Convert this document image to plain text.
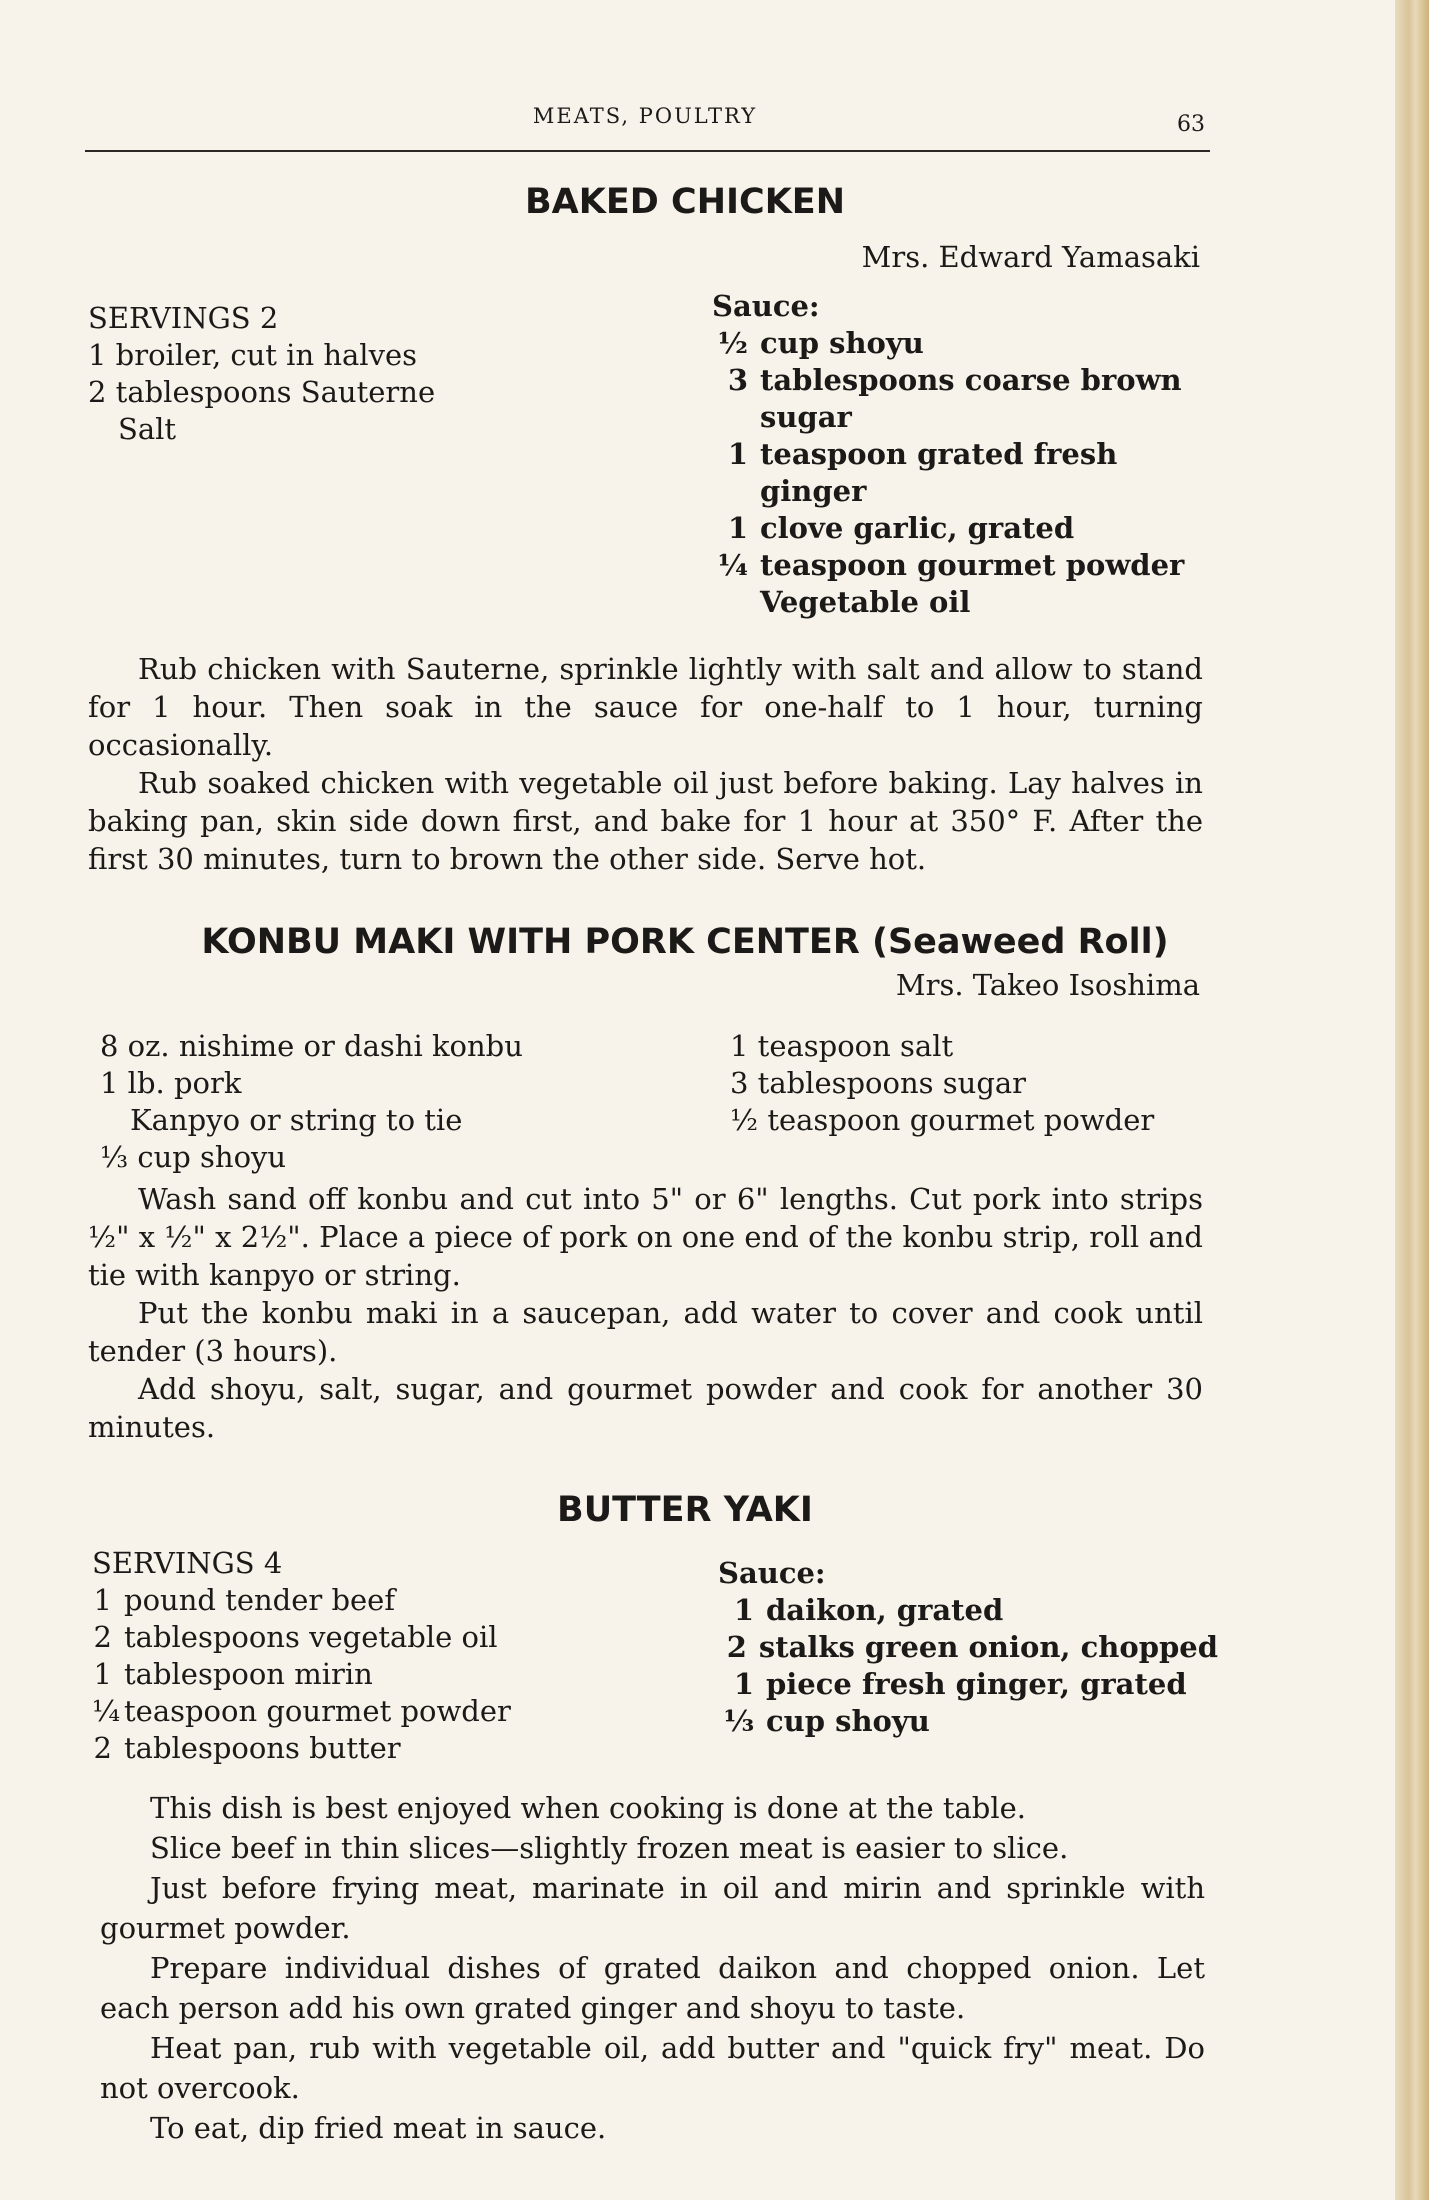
MEATS, POULTRY	63
BAKED CHICKEN
Mrs. Edward Yamasaki
SERVINGS 2
1 broiler, cut in halves
2 tablespoons Sauterne
Salt
Sauce:
½ cup shoyu
3 tablespoons coarse brown sugar
1 teaspoon grated fresh ginger
1 clove garlic, grated
¼ teaspoon gourmet powder
Vegetable oil

Rub chicken with Sauterne, sprinkle lightly with salt and allow to stand for 1 hour. Then soak in the sauce for one-half to 1 hour, turning occasionally.

Rub soaked chicken with vegetable oil just before baking. Lay halves in baking pan, skin side down first, and bake for 1 hour at 350° F. After the first 30 minutes, turn to brown the other side. Serve hot.

KONBU MAKI WITH PORK CENTER (Seaweed Roll)
Mrs. Takeo Isoshima
8 oz. nishime or dashi konbu
1 lb. pork
Kanpyo or string to tie
⅓ cup shoyu
1 teaspoon salt
3 tablespoons sugar
½ teaspoon gourmet powder

Wash sand off konbu and cut into 5" or 6" lengths. Cut pork into strips ½" x ½" x 2½". Place a piece of pork on one end of the konbu strip, roll and tie with kanpyo or string.

Put the konbu maki in a saucepan, add water to cover and cook until tender (3 hours).

Add shoyu, salt, sugar, and gourmet powder and cook for another 30 minutes.

BUTTER YAKI
SERVINGS 4
1 pound tender beef
2 tablespoons vegetable oil
1 tablespoon mirin
¼ teaspoon gourmet powder
2 tablespoons butter
Sauce:
1 daikon, grated
2 stalks green onion, chopped
1 piece fresh ginger, grated
⅓ cup shoyu

This dish is best enjoyed when cooking is done at the table.

Slice beef in thin slices—slightly frozen meat is easier to slice.

Just before frying meat, marinate in oil and mirin and sprinkle with gourmet powder.

Prepare individual dishes of grated daikon and chopped onion. Let each person add his own grated ginger and shoyu to taste.

Heat pan, rub with vegetable oil, add butter and "quick fry" meat. Do not overcook.

To eat, dip fried meat in sauce.
